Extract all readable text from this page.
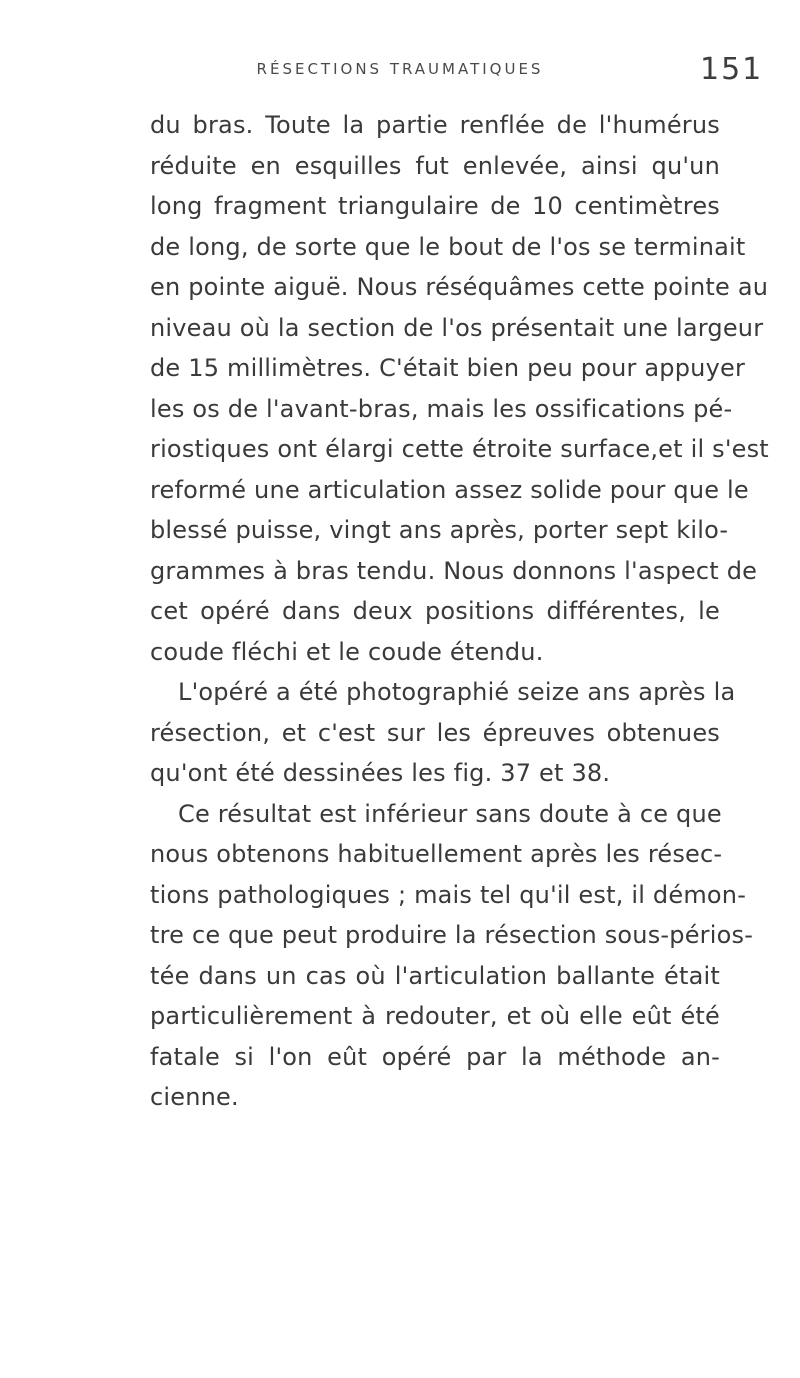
RÉSECTIONS TRAUMATIQUES	151
du bras. Toute la partie renflée de l'humérus
réduite en esquilles fut enlevée, ainsi qu'un
long fragment triangulaire de 10 centimètres
de long, de sorte que le bout de l'os se terminait
en pointe aiguë. Nous réséquâmes cette pointe au
niveau où la section de l'os présentait une largeur
de 15 millimètres. C'était bien peu pour appuyer
les os de l'avant-bras, mais les ossifications pé-
riostiques ont élargi cette étroite surface,et il s'est
reformé une articulation assez solide pour que le
blessé puisse, vingt ans après, porter sept kilo-
grammes à bras tendu. Nous donnons l'aspect de
cet opéré dans deux positions différentes, le
coude fléchi et le coude étendu.
L'opéré a été photographié seize ans après la
résection, et c'est sur les épreuves obtenues
qu'ont été dessinées les fig. 37 et 38.
Ce résultat est inférieur sans doute à ce que
nous obtenons habituellement après les résec-
tions pathologiques ; mais tel qu'il est, il démon-
tre ce que peut produire la résection sous-périos-
tée dans un cas où l'articulation ballante était
particulièrement à redouter, et où elle eût été
fatale si l'on eût opéré par la méthode an-
cienne.
